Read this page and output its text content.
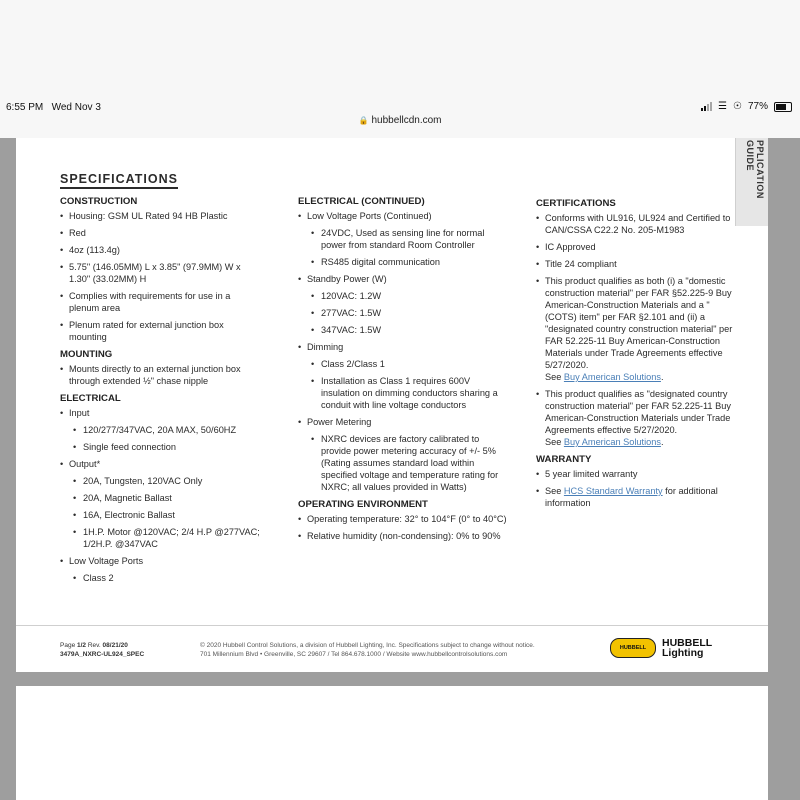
6:55 PM Wed Nov 3	☰ ☉ 77%
🔒 hubbellcdn.com
PPLICATION GUIDE
SPECIFICATIONS
CONSTRUCTION
• Housing: GSM UL Rated 94 HB Plastic
• Red
• 4oz (113.4g)
• 5.75" (146.05MM) L x 3.85" (97.9MM) W x 1.30" (33.02MM) H
• Complies with requirements for use in a plenum area
• Plenum rated for external junction box mounting
MOUNTING
• Mounts directly to an external junction box through extended ½" chase nipple
ELECTRICAL
• Input
• 120/277/347VAC, 20A MAX, 50/60HZ
• Single feed connection
• Output*
• 20A, Tungsten, 120VAC Only
• 20A, Magnetic Ballast
• 16A, Electronic Ballast
• 1H.P. Motor @120VAC; 2/4 H.P @277VAC; 1/2H.P. @347VAC
• Low Voltage Ports
• Class 2
ELECTRICAL (CONTINUED)
• Low Voltage Ports (Continued)
• 24VDC, Used as sensing line for normal power from standard Room Controller
• RS485 digital communication
• Standby Power (W)
• 120VAC: 1.2W
• 277VAC: 1.5W
• 347VAC: 1.5W
• Dimming
• Class 2/Class 1
• Installation as Class 1 requires 600V insulation on dimming conductors sharing a conduit with line voltage conductors
• Power Metering
• NXRC devices are factory calibrated to provide power metering accuracy of +/- 5% (Rating assumes standard load within specified voltage and temperature rating for NXRC; all values provided in Watts)
OPERATING ENVIRONMENT
• Operating temperature: 32° to 104°F (0° to 40°C)
• Relative humidity (non-condensing): 0% to 90%
CERTIFICATIONS
• Conforms with UL916, UL924 and Certified to CAN/CSSA C22.2 No. 205-M1983
• IC Approved
• Title 24 compliant
• This product qualifies as both (i) a "domestic construction material" per FAR §52.225-9 Buy American-Construction Materials and a "(COTS) item" per FAR §2.101 and (ii) a "designated country construction material" per FAR 52.225-11 Buy American-Construction Materials under Trade Agreements effective 5/27/2020.
See Buy American Solutions.
• This product qualifies as "designated country construction material" per FAR 52.225-11 Buy American-Construction Materials under Trade Agreements effective 5/27/2020.
See Buy American Solutions.
WARRANTY
• 5 year limited warranty
• See HCS Standard Warranty for additional information
Page 1/2 Rev. 08/21/20
3479A_NXRC-UL924_SPEC
© 2020 Hubbell Control Solutions, a division of Hubbell Lighting, Inc. Specifications subject to change without notice.
701 Millennium Blvd • Greenville, SC 29607 / Tel 864.678.1000 / Website www.hubbellcontrolsolutions.com
HUBBELL	HUBBELL
Lighting
